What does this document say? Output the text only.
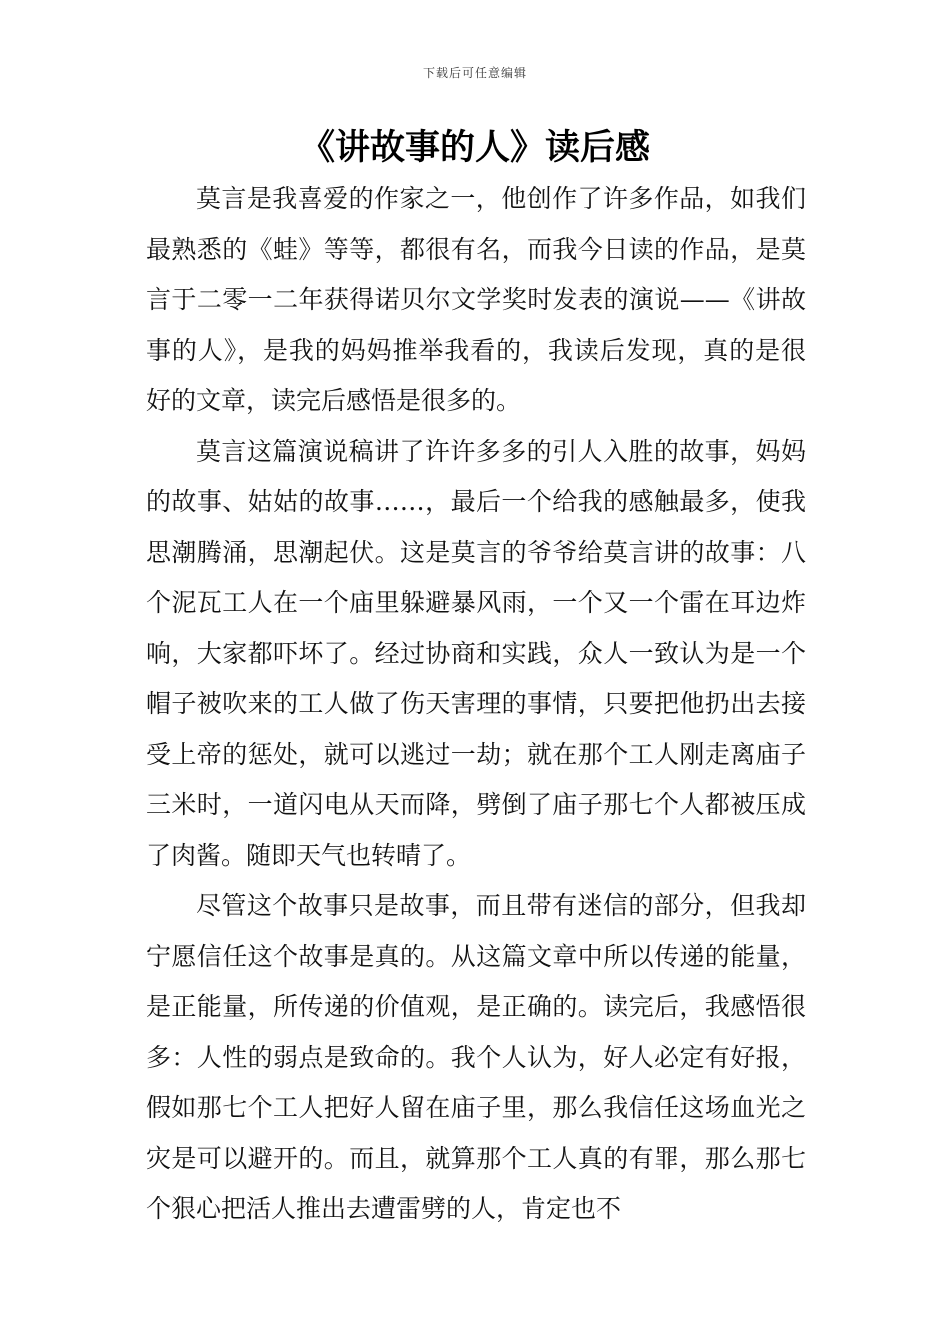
下载后可任意编辑
《讲故事的人》读后感

莫言是我喜爱的作家之一，他创作了许多作品，如我们最熟悉的《蛙》等等，都很有名，而我今日读的作品，是莫言于二零一二年获得诺贝尔文学奖时发表的演说——《讲故事的人》，是我的妈妈推举我看的，我读后发现，真的是很好的文章，读完后感悟是很多的。

莫言这篇演说稿讲了许许多多的引人入胜的故事，妈妈的故事、姑姑的故事……，最后一个给我的感触最多，使我思潮腾涌，思潮起伏。这是莫言的爷爷给莫言讲的故事：八个泥瓦工人在一个庙里躲避暴风雨，一个又一个雷在耳边炸响，大家都吓坏了。经过协商和实践，众人一致认为是一个帽子被吹来的工人做了伤天害理的事情，只要把他扔出去接受上帝的惩处，就可以逃过一劫；就在那个工人刚走离庙子三米时，一道闪电从天而降，劈倒了庙子那七个人都被压成了肉酱。随即天气也转晴了。

尽管这个故事只是故事，而且带有迷信的部分，但我却宁愿信任这个故事是真的。从这篇文章中所以传递的能量，是正能量，所传递的价值观，是正确的。读完后，我感悟很多：人性的弱点是致命的。我个人认为，好人必定有好报，假如那七个工人把好人留在庙子里，那么我信任这场血光之灾是可以避开的。而且，就算那个工人真的有罪，那么那七个狠心把活人推出去遭雷劈的人，肯定也不
